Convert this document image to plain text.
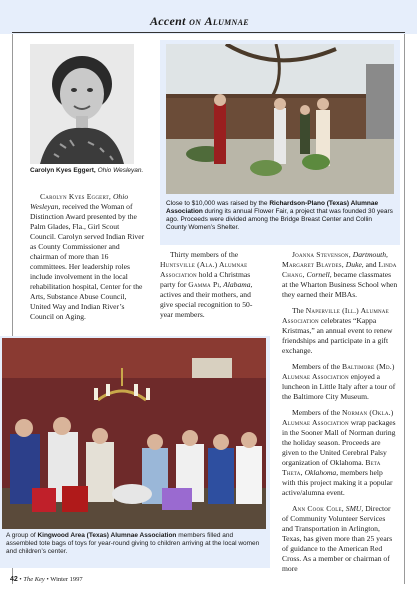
Accent on Alumnae
Carolyn Kyes Eggert, Ohio Wesleyan.
Close to $10,000 was raised by the Richardson-Plano (Texas) Alumnae Association during its annual Flower Fair, a project that was founded 30 years ago. Proceeds were divided among the Bridge Breast Center and Collin County Women’s Shelter.

Carolyn Kyes Eggert, Ohio Wesleyan, received the Woman of Distinction Award presented by the Palm Glades, Fla., Girl Scout Council. Carolyn served Indian River as County Commissioner and chairman of more than 16 committees. Her leadership roles include involvement in the local rehabilitation hospital, Center for the Arts, Substance Abuse Council, United Way and Indian River’s Council on Aging.

Thirty members of the Huntsville (Ala.) Alumnae Association hold a Christmas party for Gamma Pi, Alabama, actives and their mothers, and give special recognition to 50-year members.

Joanna Stevenson, Dartmouth, Margaret Blaydes, Duke, and Linda Chang, Cornell, became classmates at the Wharton Business School when they earned their MBAs.

The Naperville (Ill.) Alumnae Association celebrates “Kappa Kristmas,” an annual event to renew friendships and participate in a gift exchange.

Members of the Baltimore (Md.) Alumnae Association enjoyed a luncheon in Little Italy after a tour of the Baltimore City Museum.

Members of the Norman (Okla.) Alumnae Association wrap packages in the Sooner Mall of Norman during the holiday season. Proceeds are given to the United Cerebral Palsy organization of Oklahoma. Beta Theta, Oklahoma, members help with this project making it a popular active/alumna event.

Ann Cook Cole, SMU, Director of Community Volunteer Services and Transportation in Arlington, Texas, has given more than 25 years of guidance to the American Red Cross. As a member or chairman of more

A group of Kingwood Area (Texas) Alumnae Association members filled and assembled tote bags of toys for year-round giving to children arriving at the local women and children’s center.
42 • The Key • Winter 1997
